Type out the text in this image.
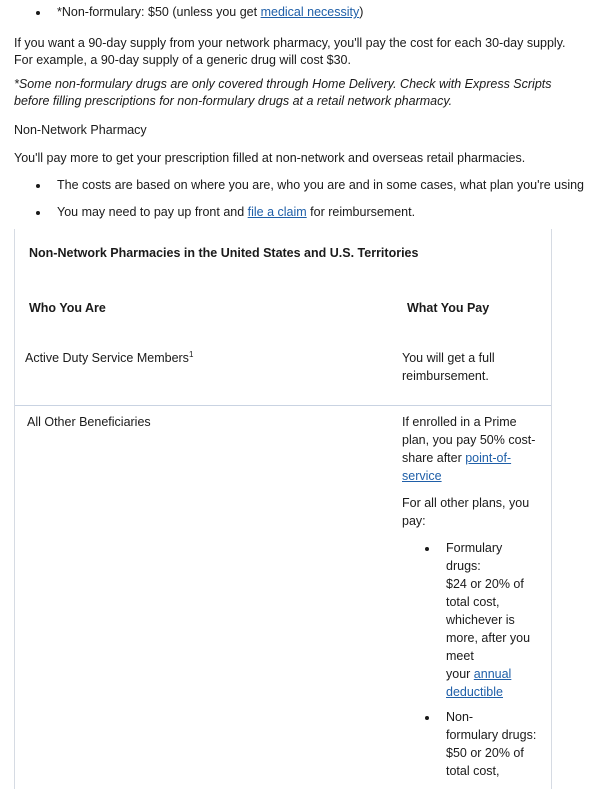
*Non-formulary: $50 (unless you get medical necessity)
If you want a 90-day supply from your network pharmacy, you'll pay the cost for each 30-day supply. For example, a 90-day supply of a generic drug will cost $30.
*Some non-formulary drugs are only covered through Home Delivery. Check with Express Scripts before filling prescriptions for non-formulary drugs at a retail network pharmacy.
Non-Network Pharmacy
You'll pay more to get your prescription filled at non-network and overseas retail pharmacies.
The costs are based on where you are, who you are and in some cases, what plan you're using
You may need to pay up front and file a claim for reimbursement.
Non-Network Pharmacies in the United States and U.S. Territories
Who You Are	What You Pay
Active Duty Service Members$^1$	You will get a full
reimbursement.
All Other Beneficiaries	If enrolled in a Prime
plan, you pay 50% cost-
share after point-of-
service
For all other plans, you
pay:
Formulary
drugs:
$24 or 20% of
total cost,
whichever is
more, after you
meet
your annual
deductible
Non-
formulary drugs:
$50 or 20% of
total cost,
